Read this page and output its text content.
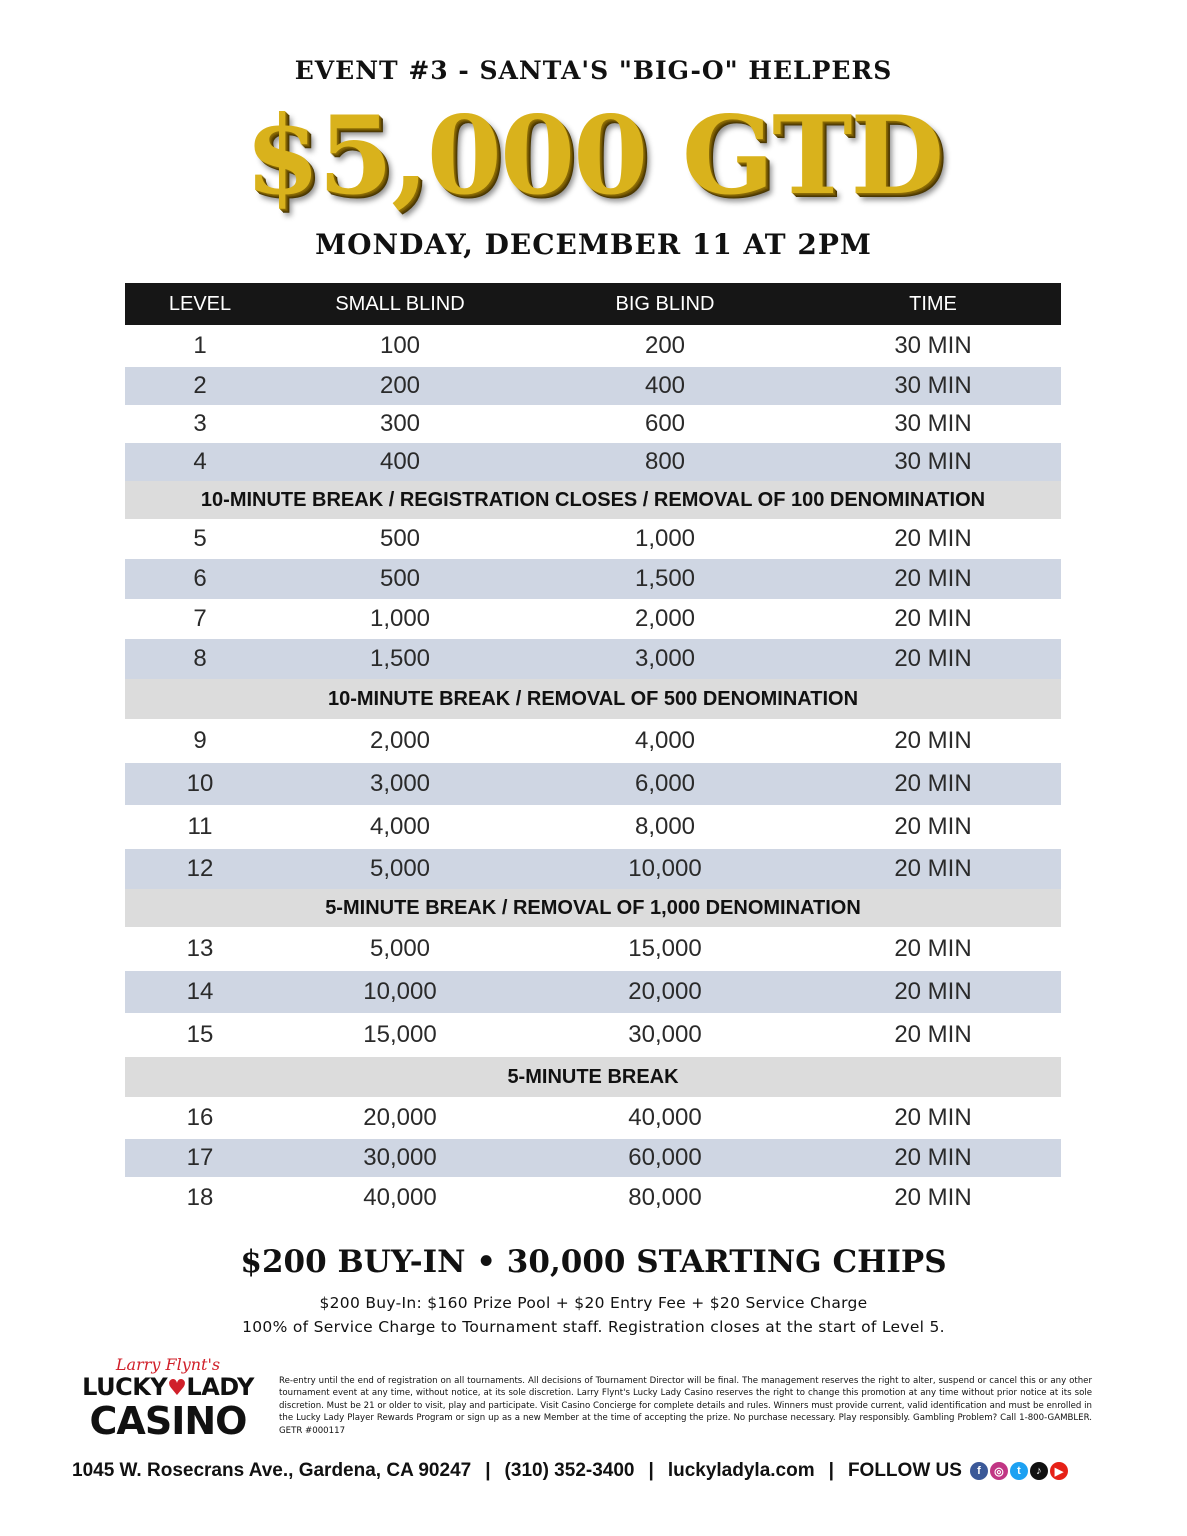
EVENT #3 - SANTA'S "BIG-O" HELPERS
$5,000 GTD
MONDAY, DECEMBER 11 AT 2PM
LEVEL	SMALL BLIND	BIG BLIND	TIME
1	100	200	30 MIN
2	200	400	30 MIN
3	300	600	30 MIN
4	400	800	30 MIN
10-MINUTE BREAK / REGISTRATION CLOSES / REMOVAL OF 100 DENOMINATION
5	500	1,000	20 MIN
6	500	1,500	20 MIN
7	1,000	2,000	20 MIN
8	1,500	3,000	20 MIN
10-MINUTE BREAK / REMOVAL OF 500 DENOMINATION
9	2,000	4,000	20 MIN
10	3,000	6,000	20 MIN
11	4,000	8,000	20 MIN
12	5,000	10,000	20 MIN
5-MINUTE BREAK / REMOVAL OF 1,000 DENOMINATION
13	5,000	15,000	20 MIN
14	10,000	20,000	20 MIN
15	15,000	30,000	20 MIN
5-MINUTE BREAK
16	20,000	40,000	20 MIN
17	30,000	60,000	20 MIN
18	40,000	80,000	20 MIN
$200 BUY-IN • 30,000 STARTING CHIPS
$200 Buy-In: $160 Prize Pool + $20 Entry Fee + $20 Service Charge
100% of Service Charge to Tournament staff. Registration closes at the start of Level 5.
Larry Flynt's
LUCKY♥LADY
CASINO
Re-entry until the end of registration on all tournaments. All decisions of Tournament Director will be final. The management reserves the right to alter, suspend or cancel this or any other tournament event at any time, without notice, at its sole discretion. Larry Flynt's Lucky Lady Casino reserves the right to change this promotion at any time without prior notice at its sole discretion. Must be 21 or older to visit, play and participate. Visit Casino Concierge for complete details and rules. Winners must provide current, valid identification and must be enrolled in the Lucky Lady Player Rewards Program or sign up as a new Member at the time of accepting the prize. No purchase necessary. Play responsibly. Gambling Problem? Call 1-800-GAMBLER. GETR #000117
1045 W. Rosecrans Ave., Gardena, CA 90247 | (310) 352-3400 | luckyladyla.com | FOLLOW US	f	◎	t	♪	▶
